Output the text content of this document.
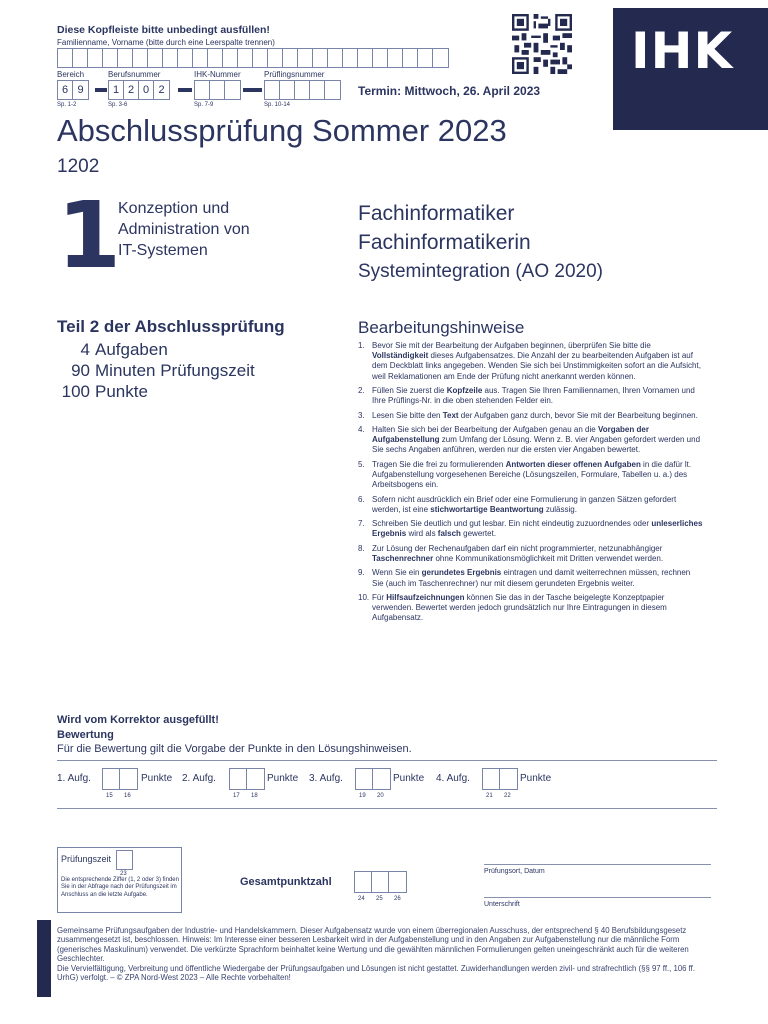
Diese Kopfleiste bitte unbedingt ausfüllen!
Familienname, Vorname (bitte durch eine Leerspalte trennen)
Bereich	Berufsnummer	IHK-Nummer	Prüflingsnummer
6 9	1 2 0 2
Sp. 1-2	Sp. 3-6	Sp. 7-9	Sp. 10-14
Termin: Mittwoch, 26. April 2023
IHK
Abschlussprüfung Sommer 2023
1202
1
Konzeption und
Administration von
IT-Systemen
Fachinformatiker
Fachinformatikerin
Systemintegration (AO 2020)
Teil 2 der Abschlussprüfung
4 Aufgaben
90 Minuten Prüfungszeit
100 Punkte
Bearbeitungshinweise
1. Bevor Sie mit der Bearbeitung der Aufgaben beginnen, überprüfen Sie bitte die Vollständigkeit dieses Aufgabensatzes. Die Anzahl der zu bearbeitenden Aufgaben ist auf dem Deckblatt links angegeben. Wenden Sie sich bei Unstimmigkeiten sofort an die Aufsicht, weil Reklamationen am Ende der Prüfung nicht anerkannt werden können.
2. Füllen Sie zuerst die Kopfzeile aus. Tragen Sie Ihren Familiennamen, Ihren Vornamen und Ihre Prüflings-Nr. in die oben stehenden Felder ein.
3. Lesen Sie bitte den Text der Aufgaben ganz durch, bevor Sie mit der Bearbeitung beginnen.
4. Halten Sie sich bei der Bearbeitung der Aufgaben genau an die Vorgaben der Aufgabenstellung zum Umfang der Lösung. Wenn z. B. vier Angaben gefordert werden und Sie sechs Angaben anführen, werden nur die ersten vier Angaben bewertet.
5. Tragen Sie die frei zu formulierenden Antworten dieser offenen Aufgaben in die dafür lt. Aufgabenstellung vorgesehenen Bereiche (Lösungszeilen, Formulare, Tabellen u. a.) des Arbeitsbogens ein.
6. Sofern nicht ausdrücklich ein Brief oder eine Formulierung in ganzen Sätzen gefordert werden, ist eine stichwortartige Beantwortung zulässig.
7. Schreiben Sie deutlich und gut lesbar. Ein nicht eindeutig zuzuordnendes oder unleserliches Ergebnis wird als falsch gewertet.
8. Zur Lösung der Rechenaufgaben darf ein nicht programmierter, netzunabhängiger Taschenrechner ohne Kommunikationsmöglichkeit mit Dritten verwendet werden.
9. Wenn Sie ein gerundetes Ergebnis eintragen und damit weiterrechnen müssen, rechnen Sie (auch im Taschenrechner) nur mit diesem gerundeten Ergebnis weiter.
10. Für Hilfsaufzeichnungen können Sie das in der Tasche beigelegte Konzeptpapier verwenden. Bewertet werden jedoch grundsätzlich nur Ihre Eintragungen in diesem Aufgabensatz.
Wird vom Korrektor ausgefüllt!
Bewertung
Für die Bewertung gilt die Vorgabe der Punkte in den Lösungshinweisen.
1. Aufg.	Punkte
15 16
2. Aufg.	Punkte
17 18
3. Aufg.	Punkte
19 20
4. Aufg.	Punkte
21 22
Prüfungszeit
23
Die entsprechende Ziffer (1, 2 oder 3) finden Sie in der Abfrage nach der Prüfungszeit im Anschluss an die letzte Aufgabe.
Gesamtpunktzahl
24 25 26
Prüfungsort, Datum
Unterschrift
Gemeinsame Prüfungsaufgaben der Industrie- und Handelskammern. Dieser Aufgabensatz wurde von einem überregionalen Ausschuss, der entsprechend § 40 Berufsbildungsgesetz zusammengesetzt ist, beschlossen. Hinweis: Im Interesse einer besseren Lesbarkeit wird in der Aufgabenstellung und in den Angaben zur Aufgabenstellung nur die männliche Form (generisches Maskulinum) verwendet. Die verkürzte Sprachform beinhaltet keine Wertung und die gewählten männlichen Formulierungen gelten uneingeschränkt auch für die weiteren Geschlechter.
Die Vervielfältigung, Verbreitung und öffentliche Wiedergabe der Prüfungsaufgaben und Lösungen ist nicht gestattet. Zuwiderhandlungen werden zivil- und strafrechtlich (§§ 97 ff., 106 ff. UrhG) verfolgt. – © ZPA Nord-West 2023 – Alle Rechte vorbehalten!
